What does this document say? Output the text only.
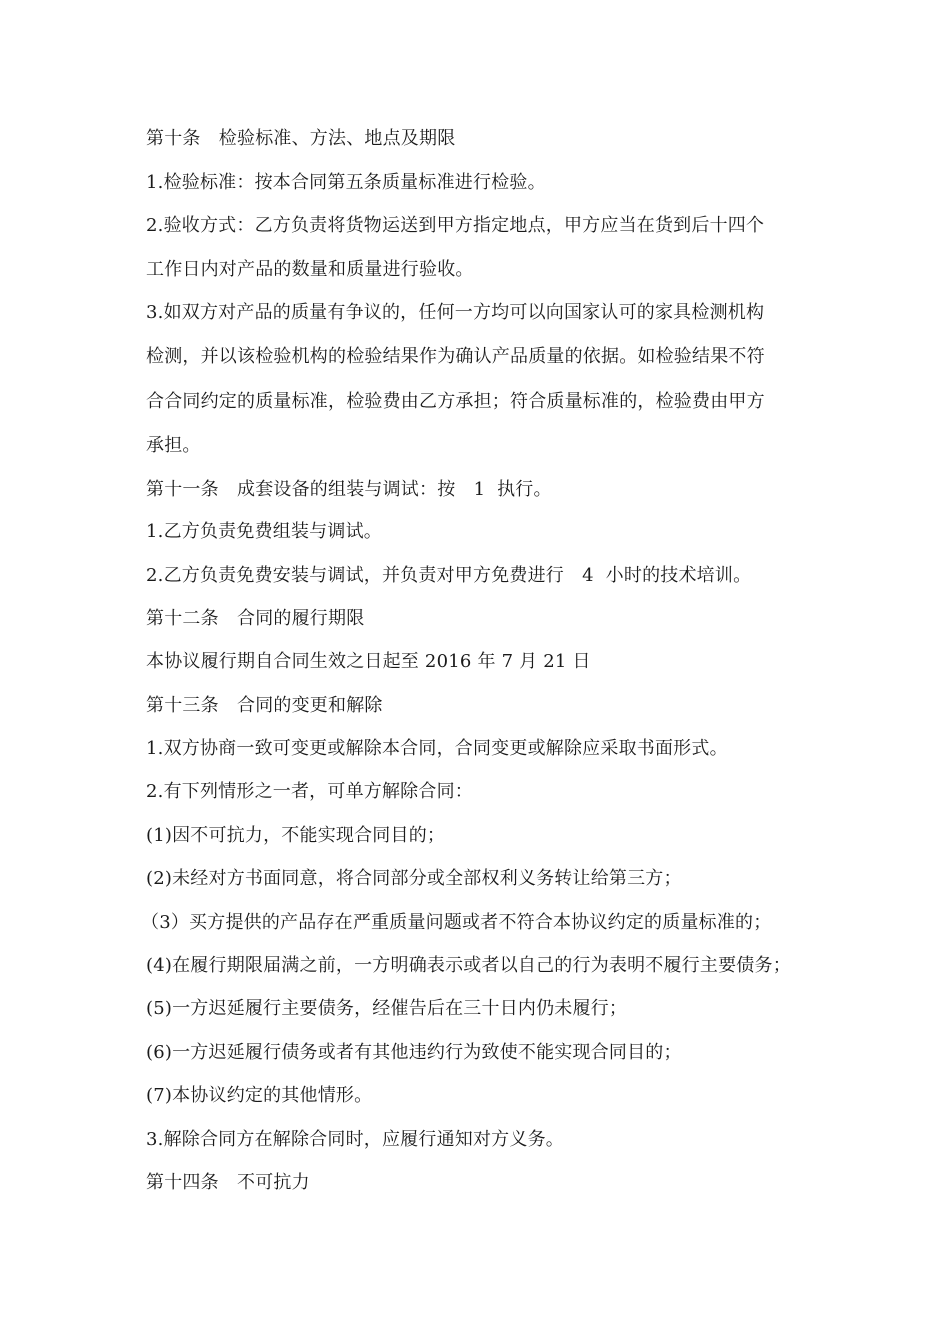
第十条　检验标准、方法、地点及期限
1.检验标准：按本合同第五条质量标准进行检验。
2.验收方式：乙方负责将货物运送到甲方指定地点，甲方应当在货到后十四个
工作日内对产品的数量和质量进行验收。
3.如双方对产品的质量有争议的，任何一方均可以向国家认可的家具检测机构
检测，并以该检验机构的检验结果作为确认产品质量的依据。如检验结果不符
合合同约定的质量标准，检验费由乙方承担；符合质量标准的，检验费由甲方
承担。
第十一条　成套设备的组装与调试：按　1  执行。
1.乙方负责免费组装与调试。
2.乙方负责免费安装与调试，并负责对甲方免费进行　4  小时的技术培训。
第十二条　合同的履行期限
本协议履行期自合同生效之日起至 2016 年 7 月 21 日
第十三条　合同的变更和解除
1.双方协商一致可变更或解除本合同，合同变更或解除应采取书面形式。
2.有下列情形之一者，可单方解除合同：
(1)因不可抗力，不能实现合同目的；
(2)未经对方书面同意，将合同部分或全部权利义务转让给第三方；
（3）买方提供的产品存在严重质量问题或者不符合本协议约定的质量标准的；
(4)在履行期限届满之前，一方明确表示或者以自己的行为表明不履行主要债务；
(5)一方迟延履行主要债务，经催告后在三十日内仍未履行；
(6)一方迟延履行债务或者有其他违约行为致使不能实现合同目的；
(7)本协议约定的其他情形。
3.解除合同方在解除合同时，应履行通知对方义务。
第十四条　不可抗力
